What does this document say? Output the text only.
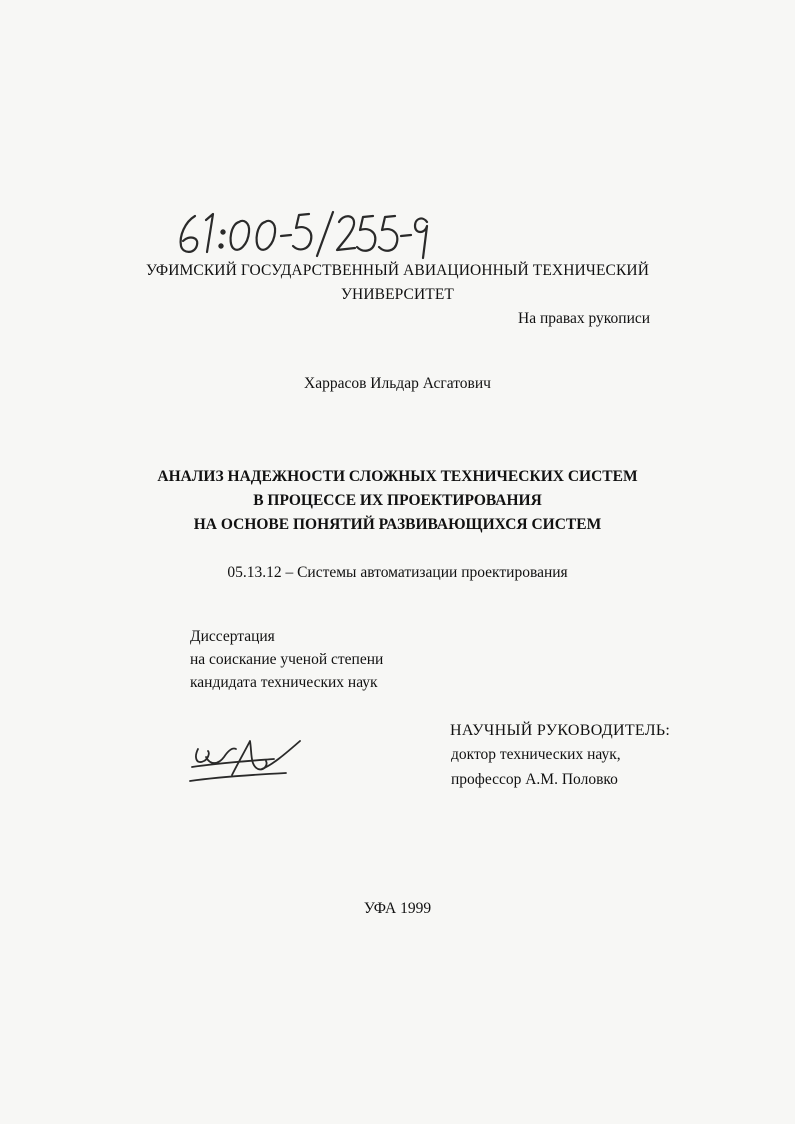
УФИМСКИЙ ГОСУДАРСТВЕННЫЙ АВИАЦИОННЫЙ ТЕХНИЧЕСКИЙ
УНИВЕРСИТЕТ
На правах рукописи
Харрасов Ильдар Асгатович
АНАЛИЗ НАДЕЖНОСТИ СЛОЖНЫХ ТЕХНИЧЕСКИХ СИСТЕМ
В ПРОЦЕССЕ ИХ ПРОЕКТИРОВАНИЯ
НА ОСНОВЕ ПОНЯТИЙ РАЗВИВАЮЩИХСЯ СИСТЕМ
05.13.12 – Системы автоматизации проектирования
Диссертация
на соискание ученой степени
кандидата технических наук
НАУЧНЫЙ РУКОВОДИТЕЛЬ:
доктор технических наук,
профессор А.М. Половко
УФА 1999
